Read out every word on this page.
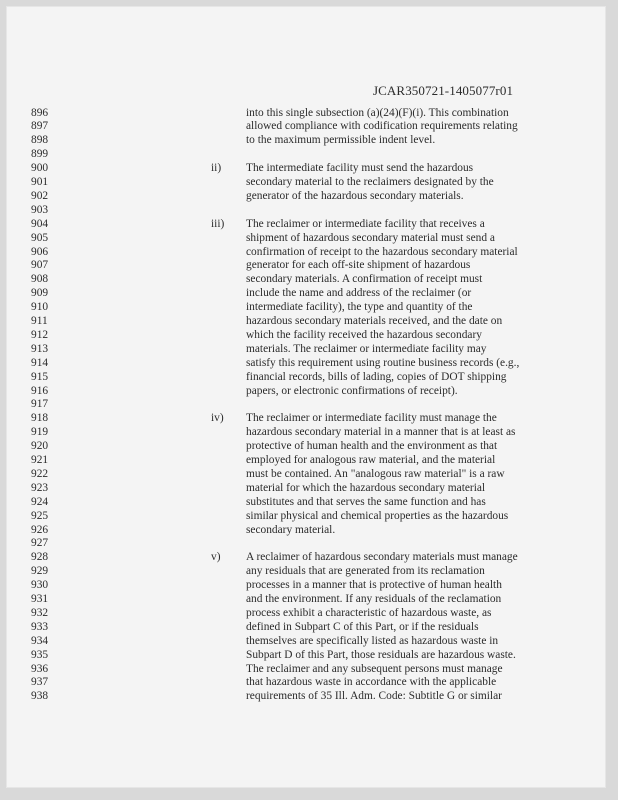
JCAR350721-1405077r01
896	into this single subsection (a)(24)(F)(i). This combination
897	allowed compliance with codification requirements relating
898	to the maximum permissible indent level.
899
900	ii) The intermediate facility must send the hazardous
901	secondary material to the reclaimers designated by the
902	generator of the hazardous secondary materials.
903
904	iii) The reclaimer or intermediate facility that receives a
905	shipment of hazardous secondary material must send a
906	confirmation of receipt to the hazardous secondary material
907	generator for each off-site shipment of hazardous
908	secondary materials. A confirmation of receipt must
909	include the name and address of the reclaimer (or
910	intermediate facility), the type and quantity of the
911	hazardous secondary materials received, and the date on
912	which the facility received the hazardous secondary
913	materials. The reclaimer or intermediate facility may
914	satisfy this requirement using routine business records (e.g.,
915	financial records, bills of lading, copies of DOT shipping
916	papers, or electronic confirmations of receipt).
917
918	iv) The reclaimer or intermediate facility must manage the
919	hazardous secondary material in a manner that is at least as
920	protective of human health and the environment as that
921	employed for analogous raw material, and the material
922	must be contained. An "analogous raw material" is a raw
923	material for which the hazardous secondary material
924	substitutes and that serves the same function and has
925	similar physical and chemical properties as the hazardous
926	secondary material.
927
928	v) A reclaimer of hazardous secondary materials must manage
929	any residuals that are generated from its reclamation
930	processes in a manner that is protective of human health
931	and the environment. If any residuals of the reclamation
932	process exhibit a characteristic of hazardous waste, as
933	defined in Subpart C of this Part, or if the residuals
934	themselves are specifically listed as hazardous waste in
935	Subpart D of this Part, those residuals are hazardous waste.
936	The reclaimer and any subsequent persons must manage
937	that hazardous waste in accordance with the applicable
938	requirements of 35 Ill. Adm. Code: Subtitle G or similar
